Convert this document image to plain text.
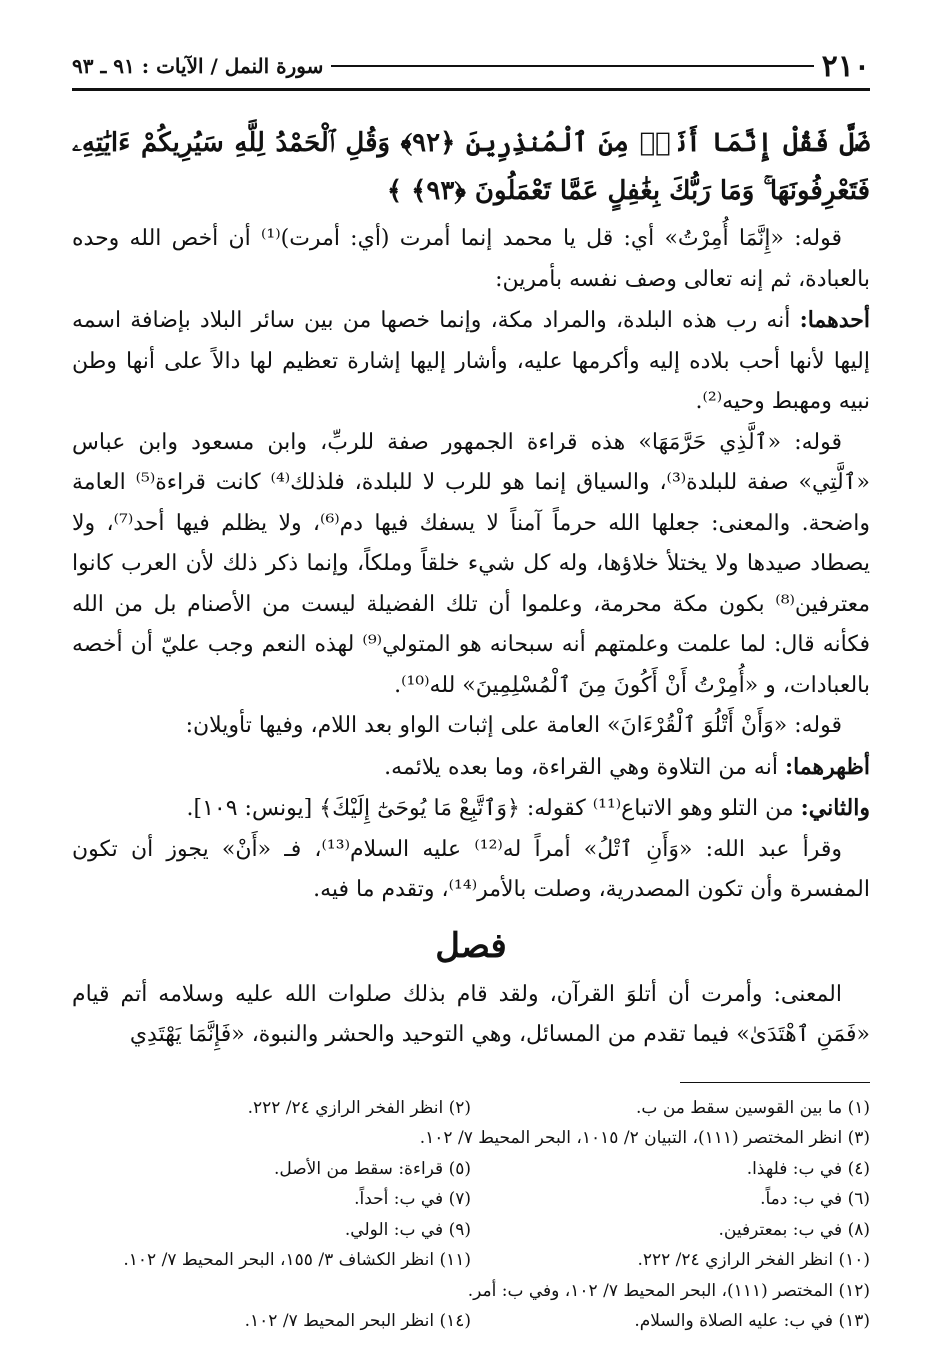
٢١٠
سورة النمل / الآيات : ٩١ ـ ٩٣
ضَلَّ فَقُلْ إِنَّمَا أَنَا۠ مِنَ ٱلْمُنذِرِينَ ﴿٩٢﴾ وَقُلِ ٱلْحَمْدُ لِلَّهِ سَيُرِيكُمْ ءَايَٰتِهِۦ فَتَعْرِفُونَهَا ۚ وَمَا رَبُّكَ بِغَٰفِلٍ عَمَّا تَعْمَلُونَ ﴿٩٣﴾ ﴾

قوله: «إِنَّمَا أُمِرْتُ» أي: قل يا محمد إنما أمرت (أي: أمرت)⁽¹⁾ أن أخص الله وحده بالعبادة، ثم إنه تعالى وصف نفسه بأمرين:

أحدهما: أنه رب هذه البلدة، والمراد مكة، وإنما خصها من بين سائر البلاد بإضافة اسمه إليها لأنها أحب بلاده إليه وأكرمها عليه، وأشار إليها إشارة تعظيم لها دالاً على أنها وطن نبيه ومهبط وحيه⁽²⁾.

قوله: «ٱلَّذِي حَرَّمَهَا» هذه قراءة الجمهور صفة للربِّ، وابن مسعود وابن عباس «ٱلَّتِي» صفة للبلدة⁽³⁾، والسياق إنما هو للرب لا للبلدة، فلذلك⁽⁴⁾ كانت قراءة⁽⁵⁾ العامة واضحة. والمعنى: جعلها الله حرماً آمناً لا يسفك فيها دم⁽⁶⁾، ولا يظلم فيها أحد⁽⁷⁾، ولا يصطاد صيدها ولا يختلأ خلاؤها، وله كل شيء خلقاً وملكاً، وإنما ذكر ذلك لأن العرب كانوا معترفين⁽⁸⁾ بكون مكة محرمة، وعلموا أن تلك الفضيلة ليست من الأصنام بل من الله فكأنه قال: لما علمت وعلمتهم أنه سبحانه هو المتولي⁽⁹⁾ لهذه النعم وجب عليّ أن أخصه بالعبادات، و «أُمِرْتُ أَنْ أَكُونَ مِنَ ٱلْمُسْلِمِينَ» لله⁽¹⁰⁾.

قوله: «وَأَنْ أَتْلُوَ ٱلْقُرْءَانَ» العامة على إثبات الواو بعد اللام، وفيها تأويلان:

أظهرهما: أنه من التلاوة وهي القراءة، وما بعده يلائمه.

والثاني: من التلو وهو الاتباع⁽¹¹⁾ كقوله: ﴿وَٱتَّبِعْ مَا يُوحَىٰٓ إِلَيْكَ﴾ [يونس: ١٠٩].

وقرأ عبد الله: «وَأَنِ ٱتْلُ» أمراً له⁽¹²⁾ عليه السلام⁽¹³⁾، فـ «أَنْ» يجوز أن تكون المفسرة وأن تكون المصدرية، وصلت بالأمر⁽¹⁴⁾، وتقدم ما فيه.

فصل

المعنى: وأمرت أن أتلوَ القرآن، ولقد قام بذلك صلوات الله عليه وسلامه أتم قيام «فَمَنِ ٱهْتَدَىٰ» فيما تقدم من المسائل، وهي التوحيد والحشر والنبوة، «فَإِنَّمَا يَهْتَدِي

(١) ما بين القوسين سقط من ب.
(٢) انظر الفخر الرازي ٢٤/ ٢٢٢.
(٣) انظر المختصر (١١١)، التبيان ٢/ ١٠١٥، البحر المحيط ٧/ ١٠٢.
(٤) في ب: فلهذا.
(٥) قراءة: سقط من الأصل.
(٦) في ب: دماً.
(٧) في ب: أحداً.
(٨) في ب: بمعترفين.
(٩) في ب: الولي.
(١٠) انظر الفخر الرازي ٢٤/ ٢٢٢.
(١١) انظر الكشاف ٣/ ١٥٥، البحر المحيط ٧/ ١٠٢.
(١٢) المختصر (١١١)، البحر المحيط ٧/ ١٠٢، وفي ب: أمر.
(١٣) في ب: عليه الصلاة والسلام.
(١٤) انظر البحر المحيط ٧/ ١٠٢.
